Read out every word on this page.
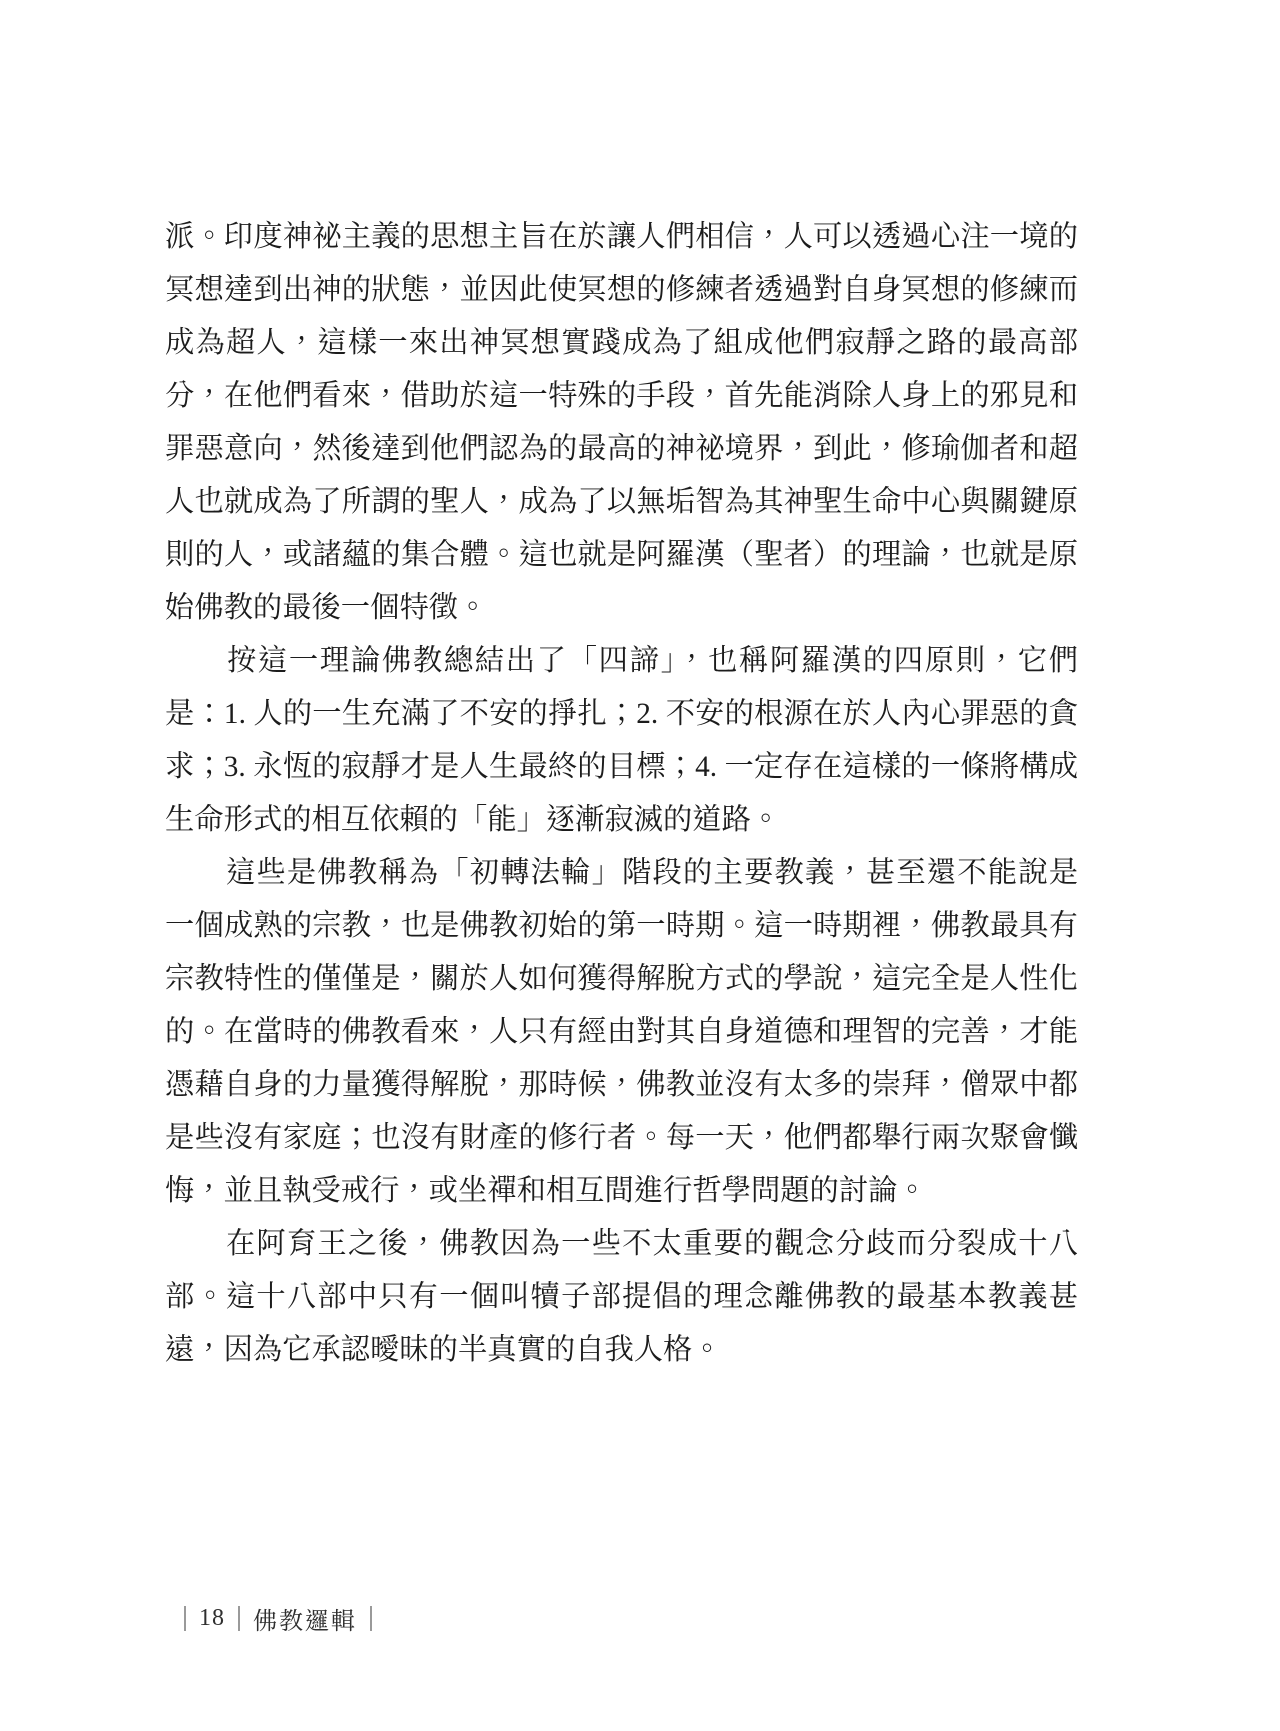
派。印度神祕主義的思想主旨在於讓人們相信，人可以透過心注一境的
冥想達到出神的狀態，並因此使冥想的修練者透過對自身冥想的修練而
成為超人，這樣一來出神冥想實踐成為了組成他們寂靜之路的最高部
分，在他們看來，借助於這一特殊的手段，首先能消除人身上的邪見和
罪惡意向，然後達到他們認為的最高的神祕境界，到此，修瑜伽者和超
人也就成為了所謂的聖人，成為了以無垢智為其神聖生命中心與關鍵原
則的人，或諸蘊的集合體。這也就是阿羅漢（聖者）的理論，也就是原
始佛教的最後一個特徵。
　　按這一理論佛教總結出了「四諦」，也稱阿羅漢的四原則，它們
是：1. 人的一生充滿了不安的掙扎；2. 不安的根源在於人內心罪惡的貪
求；3. 永恆的寂靜才是人生最終的目標；4. 一定存在這樣的一條將構成
生命形式的相互依賴的「能」逐漸寂滅的道路。
　　這些是佛教稱為「初轉法輪」階段的主要教義，甚至還不能說是
一個成熟的宗教，也是佛教初始的第一時期。這一時期裡，佛教最具有
宗教特性的僅僅是，關於人如何獲得解脫方式的學說，這完全是人性化
的。在當時的佛教看來，人只有經由對其自身道德和理智的完善，才能
憑藉自身的力量獲得解脫，那時候，佛教並沒有太多的崇拜，僧眾中都
是些沒有家庭；也沒有財產的修行者。每一天，他們都舉行兩次聚會懺
悔，並且執受戒行，或坐禪和相互間進行哲學問題的討論。
　　在阿育王之後，佛教因為一些不太重要的觀念分歧而分裂成十八
部。這十八部中只有一個叫犢子部提倡的理念離佛教的最基本教義甚
遠，因為它承認曖昧的半真實的自我人格。
18 佛教邏輯
